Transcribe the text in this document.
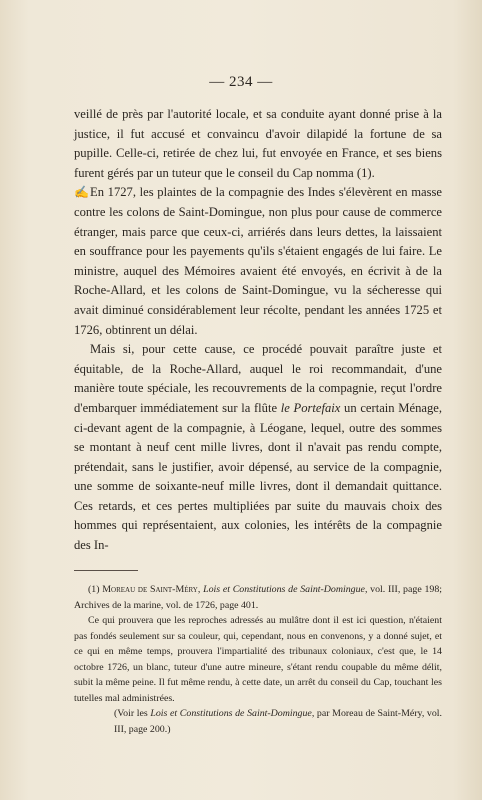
— 234 —

veillé de près par l'autorité locale, et sa conduite ayant donné prise à la justice, il fut accusé et convaincu d'avoir dilapidé la fortune de sa pupille. Celle-ci, retirée de chez lui, fut envoyée en France, et ses biens furent gérés par un tuteur que le conseil du Cap nomma (1).

✍ En 1727, les plaintes de la compagnie des Indes s'élevèrent en masse contre les colons de Saint-Domingue, non plus pour cause de commerce étranger, mais parce que ceux-ci, arriérés dans leurs dettes, la laissaient en souffrance pour les payements qu'ils s'étaient engagés de lui faire. Le ministre, auquel des Mémoires avaient été envoyés, en écrivit à de la Roche-Allard, et les colons de Saint-Domingue, vu la sécheresse qui avait diminué considérablement leur récolte, pendant les années 1725 et 1726, obtinrent un délai.

Mais si, pour cette cause, ce procédé pouvait paraître juste et équitable, de la Roche-Allard, auquel le roi recommandait, d'une manière toute spéciale, les recouvrements de la compagnie, reçut l'ordre d'embarquer immédiatement sur la flûte le Portefaix un certain Ménage, ci-devant agent de la compagnie, à Léogane, lequel, outre des sommes se montant à neuf cent mille livres, dont il n'avait pas rendu compte, prétendait, sans le justifier, avoir dépensé, au service de la compagnie, une somme de soixante-neuf mille livres, dont il demandait quittance. Ces retards, et ces pertes multipliées par suite du mauvais choix des hommes qui représentaient, aux colonies, les intérêts de la compagnie des In-

(1) Moreau de Saint-Méry, Lois et Constitutions de Saint-Domingue, vol. III, page 198; Archives de la marine, vol. de 1726, page 401.

Ce qui prouvera que les reproches adressés au mulâtre dont il est ici question, n'étaient pas fondés seulement sur sa couleur, qui, cependant, nous en convenons, y a donné sujet, et ce qui en même temps, prouvera l'impartialité des tribunaux coloniaux, c'est que, le 14 octobre 1726, un blanc, tuteur d'une autre mineure, s'étant rendu coupable du même délit, subit la même peine. Il fut même rendu, à cette date, un arrêt du conseil du Cap, touchant les tutelles mal administrées.

(Voir les Lois et Constitutions de Saint-Domingue, par Moreau de Saint-Méry, vol. III, page 200.)
